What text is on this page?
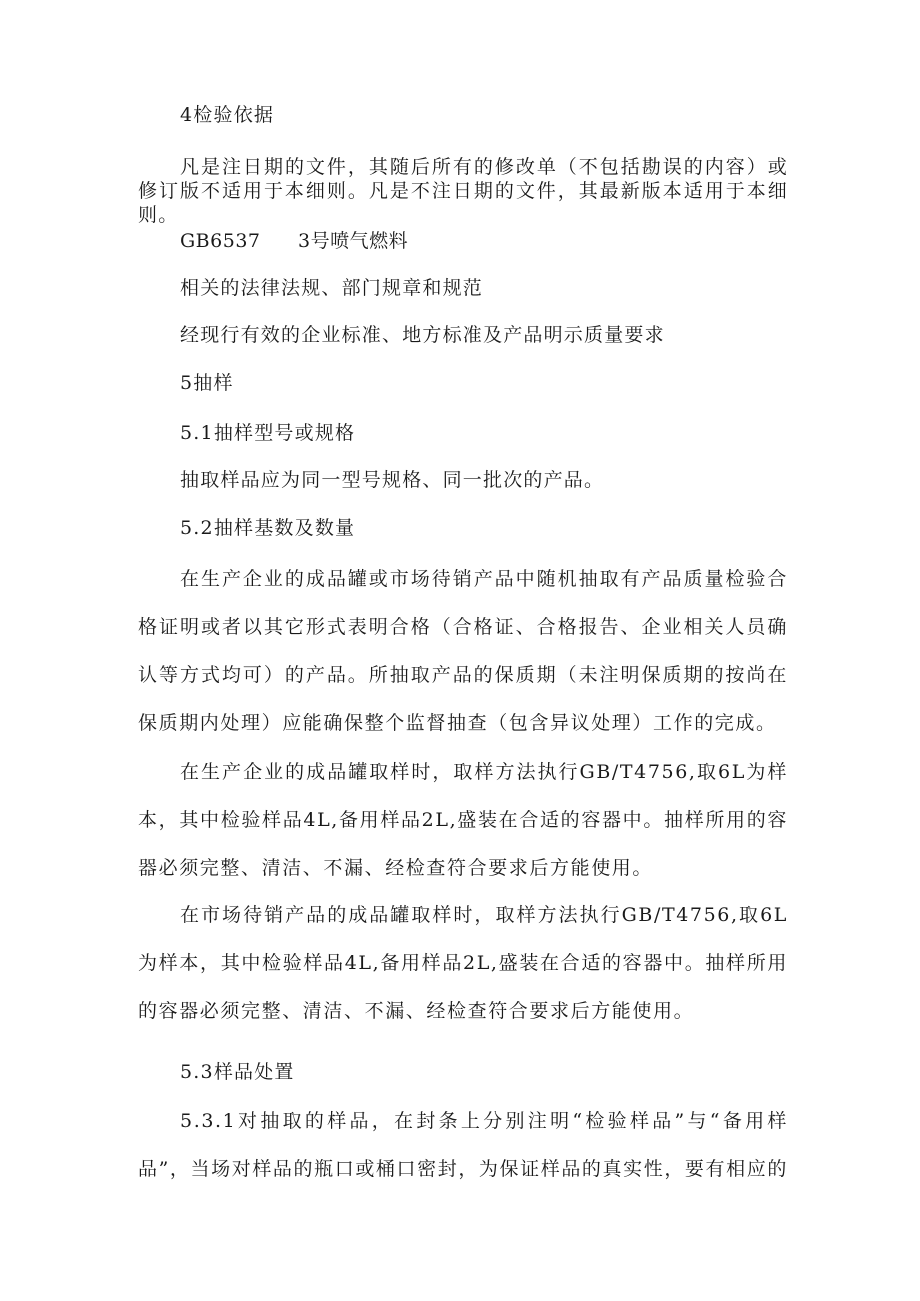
4检验依据
凡是注日期的文件，其随后所有的修改单（不包括勘误的内容）或修订版不适用于本细则。凡是不注日期的文件，其最新版本适用于本细则。
GB6537 3号喷气燃料
相关的法律法规、部门规章和规范
经现行有效的企业标准、地方标准及产品明示质量要求
5抽样
5.1抽样型号或规格
抽取样品应为同一型号规格、同一批次的产品。
5.2抽样基数及数量
在生产企业的成品罐或市场待销产品中随机抽取有产品质量检验合格证明或者以其它形式表明合格（合格证、合格报告、企业相关人员确认等方式均可）的产品。所抽取产品的保质期（未注明保质期的按尚在保质期内处理）应能确保整个监督抽查（包含异议处理）工作的完成。
在生产企业的成品罐取样时，取样方法执行GB/T4756,取6L为样本，其中检验样品4L,备用样品2L,盛装在合适的容器中。抽样所用的容器必须完整、清洁、不漏、经检查符合要求后方能使用。
在市场待销产品的成品罐取样时，取样方法执行GB/T4756,取6L为样本，其中检验样品4L,备用样品2L,盛装在合适的容器中。抽样所用的容器必须完整、清洁、不漏、经检查符合要求后方能使用。
5.3样品处置
5.3.1对抽取的样品，在封条上分别注明“检验样品”与“备用样品”，当场对样品的瓶口或桶口密封，为保证样品的真实性，要有相应的
